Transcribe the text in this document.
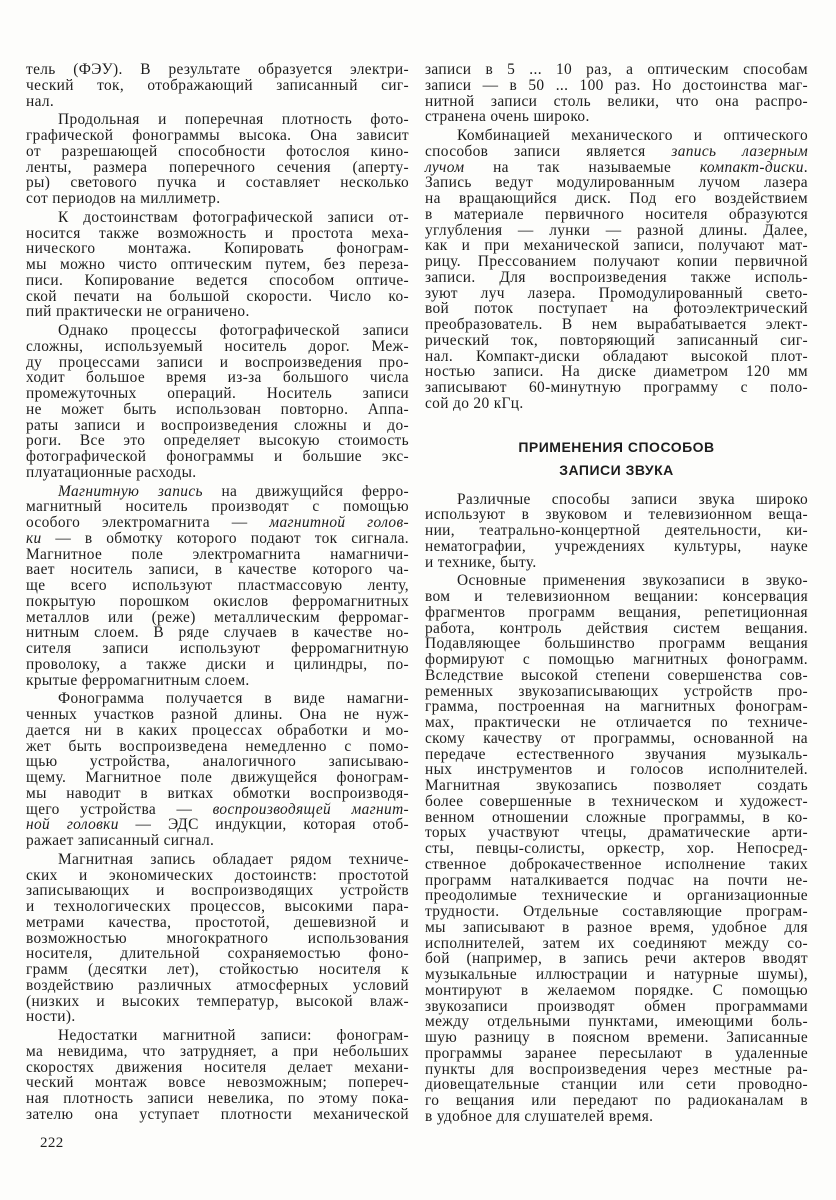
тель (ФЭУ). В результате образуется электри-
ческий ток, отображающий записанный сиг-
нал.
Продольная и поперечная плотность фото-
графической фонограммы высока. Она зависит
от разрешающей способности фотослоя кино-
ленты, размера поперечного сечения (аперту-
ры) светового пучка и составляет несколько
сот периодов на миллиметр.
К достоинствам фотографической записи от-
носится также возможность и простота меха-
нического монтажа. Копировать фонограм-
мы можно чисто оптическим путем, без переза-
писи. Копирование ведется способом оптиче-
ской печати на большой скорости. Число ко-
пий практически не ограничено.
Однако процессы фотографической записи
сложны, используемый носитель дорог. Меж-
ду процессами записи и воспроизведения про-
ходит большое время из-за большого числа
промежуточных операций. Носитель записи
не может быть использован повторно. Аппа-
раты записи и воспроизведения сложны и до-
роги. Все это определяет высокую стоимость
фотографической фонограммы и большие экс-
плуатационные расходы.
Магнитную запись на движущийся ферро-
магнитный носитель производят с помощью
особого электромагнита — магнитной голов-
ки — в обмотку которого подают ток сигнала.
Магнитное поле электромагнита намагничи-
вает носитель записи, в качестве которого ча-
ще всего используют пластмассовую ленту,
покрытую порошком окислов ферромагнитных
металлов или (реже) металлическим ферромаг-
нитным слоем. В ряде случаев в качестве но-
сителя записи используют ферромагнитную
проволоку, а также диски и цилиндры, по-
крытые ферромагнитным слоем.
Фонограмма получается в виде намагни-
ченных участков разной длины. Она не нуж-
дается ни в каких процессах обработки и мо-
жет быть воспроизведена немедленно с помо-
щью устройства, аналогичного записываю-
щему. Магнитное поле движущейся фонограм-
мы наводит в витках обмотки воспроизводя-
щего устройства — воспроизводящей магнит-
ной головки — ЭДС индукции, которая отоб-
ражает записанный сигнал.
Магнитная запись обладает рядом техниче-
ских и экономических достоинств: простотой
записывающих и воспроизводящих устройств
и технологических процессов, высокими пара-
метрами качества, простотой, дешевизной и
возможностью многократного использования
носителя, длительной сохраняемостью фоно-
грамм (десятки лет), стойкостью носителя к
воздействию различных атмосферных условий
(низких и высоких температур, высокой влаж-
ности).
Недостатки магнитной записи: фонограм-
ма невидима, что затрудняет, а при небольших
скоростях движения носителя делает механи-
ческий монтаж вовсе невозможным; попереч-
ная плотность записи невелика, по этому пока-
зателю она уступает плотности механической
записи в 5 ... 10 раз, а оптическим способам
записи — в 50 ... 100 раз. Но достоинства маг-
нитной записи столь велики, что она распро-
странена очень широко.
Комбинацией механического и оптического
способов записи является запись лазерным
лучом на так называемые компакт-диски.
Запись ведут модулированным лучом лазера
на вращающийся диск. Под его воздействием
в материале первичного носителя образуются
углубления — лунки — разной длины. Далее,
как и при механической записи, получают мат-
рицу. Прессованием получают копии первичной
записи. Для воспроизведения также исполь-
зуют луч лазера. Промодулированный свето-
вой поток поступает на фотоэлектрический
преобразователь. В нем вырабатывается элект-
рический ток, повторяющий записанный сиг-
нал. Компакт-диски обладают высокой плот-
ностью записи. На диске диаметром 120 мм
записывают 60-минутную программу с поло-
сой до 20 кГц.
ПРИМЕНЕНИЯ СПОСОБОВ
ЗАПИСИ ЗВУКА
Различные способы записи звука широко
используют в звуковом и телевизионном веща-
нии, театрально-концертной деятельности, ки-
нематографии, учреждениях культуры, науке
и технике, быту.
Основные применения звукозаписи в звуко-
вом и телевизионном вещании: консервация
фрагментов программ вещания, репетиционная
работа, контроль действия систем вещания.
Подавляющее большинство программ вещания
формируют с помощью магнитных фонограмм.
Вследствие высокой степени совершенства сов-
ременных звукозаписывающих устройств про-
грамма, построенная на магнитных фонограм-
мах, практически не отличается по техниче-
скому качеству от программы, основанной на
передаче естественного звучания музыкаль-
ных инструментов и голосов исполнителей.
Магнитная звукозапись позволяет создать
более совершенные в техническом и художест-
венном отношении сложные программы, в ко-
торых участвуют чтецы, драматические арти-
сты, певцы-солисты, оркестр, хор. Непосред-
ственное доброкачественное исполнение таких
программ наталкивается подчас на почти не-
преодолимые технические и организационные
трудности. Отдельные составляющие програм-
мы записывают в разное время, удобное для
исполнителей, затем их соединяют между со-
бой (например, в запись речи актеров вводят
музыкальные иллюстрации и натурные шумы),
монтируют в желаемом порядке. С помощью
звукозаписи производят обмен программами
между отдельными пунктами, имеющими боль-
шую разницу в поясном времени. Записанные
программы заранее пересылают в удаленные
пункты для воспроизведения через местные ра-
диовещательные станции или сети проводно-
го вещания или передают по радиоканалам в
в удобное для слушателей время.
222
